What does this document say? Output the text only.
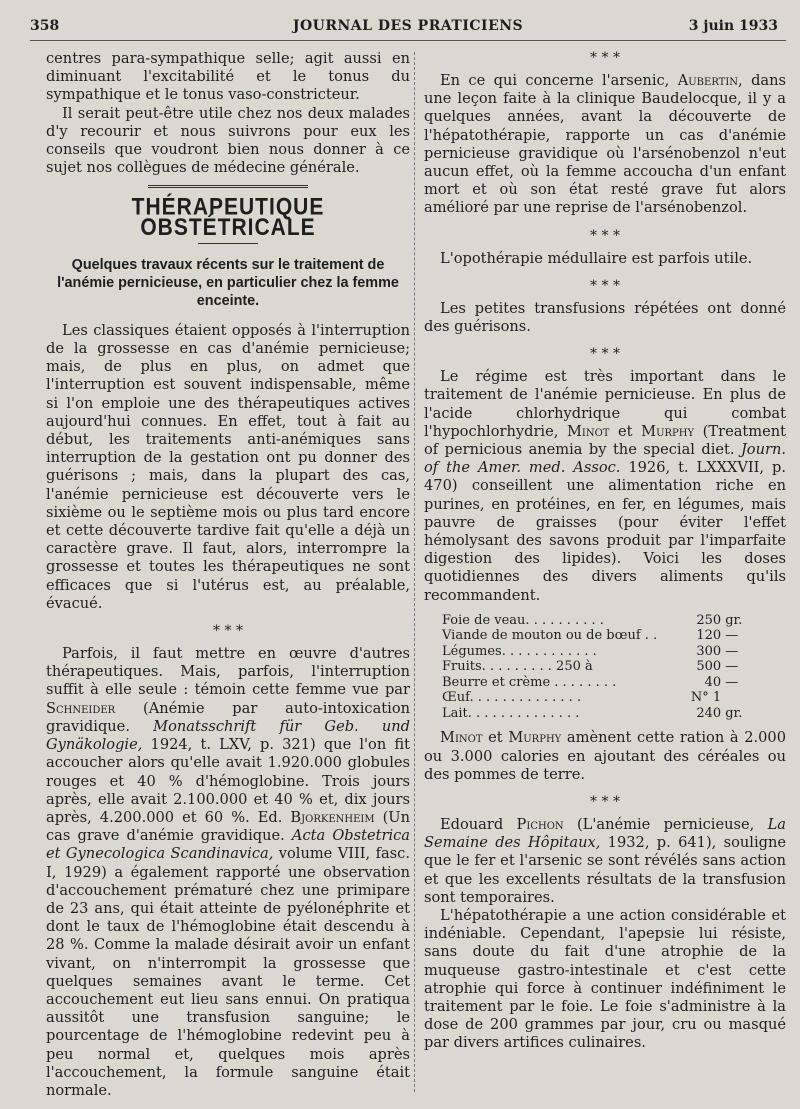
358	JOURNAL DES PRATICIENS	3 juin 1933

centres para-sympathique selle; agit aussi en diminuant l'excitabilité et le tonus du sympathique et le tonus vaso-constricteur.

Il serait peut-être utile chez nos deux malades d'y recourir et nous suivrons pour eux les conseils que voudront bien nous donner à ce sujet nos collègues de médecine générale.

THÉRAPEUTIQUE OBSTÉTRICALE
Quelques travaux récents sur le traitement de l'anémie pernicieuse, en particulier chez la femme enceinte.

Les classiques étaient opposés à l'interruption de la grossesse en cas d'anémie pernicieuse; mais, de plus en plus, on admet que l'interruption est souvent indispensable, même si l'on emploie une des thérapeutiques actives aujourd'hui connues. En effet, tout à fait au début, les traitements anti-anémiques sans interruption de la gestation ont pu donner des guérisons ; mais, dans la plupart des cas, l'anémie pernicieuse est découverte vers le sixième ou le septième mois ou plus tard encore et cette découverte tardive fait qu'elle a déjà un caractère grave. Il faut, alors, interrompre la grossesse et toutes les thérapeutiques ne sont efficaces que si l'utérus est, au préalable, évacué.

* * *

Parfois, il faut mettre en œuvre d'autres thérapeutiques. Mais, parfois, l'interruption suffit à elle seule : témoin cette femme vue par Schneider (Anémie par auto-intoxication gravidique. Monatsschrift für Geb. und Gynäkologie, 1924, t. LXV, p. 321) que l'on fit accoucher alors qu'elle avait 1.920.000 globules rouges et 40 % d'hémoglobine. Trois jours après, elle avait 2.100.000 et 40 % et, dix jours après, 4.200.000 et 60 %. Ed. Bjorkenheim (Un cas grave d'anémie gravidique. Acta Obstetrica et Gynecologica Scandinavica, volume VIII, fasc. I, 1929) a également rapporté une observation d'accouchement prématuré chez une primipare de 23 ans, qui était atteinte de pyélonéphrite et dont le taux de l'hémoglobine était descendu à 28 %. Comme la malade désirait avoir un enfant vivant, on n'interrompit la grossesse que quelques semaines avant le terme. Cet accouchement eut lieu sans ennui. On pratiqua aussitôt une transfusion sanguine; le pourcentage de l'hémoglobine redevint peu à peu normal et, quelques mois après l'accouchement, la formule sanguine était normale.

* * *

En ce qui concerne l'arsenic, Aubertin, dans une leçon faite à la clinique Baudelocque, il y a quelques années, avant la découverte de l'hépatothérapie, rapporte un cas d'anémie pernicieuse gravidique où l'arsénobenzol n'eut aucun effet, où la femme accoucha d'un enfant mort et où son état resté grave fut alors amélioré par une reprise de l'arsénobenzol.

* * *

L'opothérapie médullaire est parfois utile.

* * *

Les petites transfusions répétées ont donné des guérisons.

* * *

Le régime est très important dans le traitement de l'anémie pernicieuse. En plus de l'acide chlorhydrique qui combat l'hypochlorhydrie, Minot et Murphy (Treatment of pernicious anemia by the special diet. Journ. of the Amer. med. Assoc. 1926, t. LXXXVII, p. 470) conseillent une alimentation riche en purines, en protéines, en fer, en légumes, mais pauvre de graisses (pour éviter l'effet hémolysant des savons produit par l'imparfaite digestion des lipides). Voici les doses quotidiennes des divers aliments qu'ils recommandent.

Foie de veau. . . . . . . . . .	250	gr.
Viande de mouton ou de bœuf . .	120	—
Légumes. . . . . . . . . . . .	300	—
Fruits. . . . . . . . . 250 à	500	—
Beurre et crème . . . . . . . .	40	—
Œuf. . . . . . . . . . . . . .	N° 1	
Lait. . . . . . . . . . . . . .	240	gr.

Minot et Murphy amènent cette ration à 2.000 ou 3.000 calories en ajoutant des céréales ou des pommes de terre.

* * *

Edouard Pichon (L'anémie pernicieuse, La Semaine des Hôpitaux, 1932, p. 641), souligne que le fer et l'arsenic se sont révélés sans action et que les excellents résultats de la transfusion sont temporaires.

L'hépatothérapie a une action considérable et indéniable. Cependant, l'apepsie lui résiste, sans doute du fait d'une atrophie de la muqueuse gastro-intestinale et c'est cette atrophie qui force à continuer indéfiniment le traitement par le foie. Le foie s'administre à la dose de 200 grammes par jour, cru ou masqué par divers artifices culinaires.
